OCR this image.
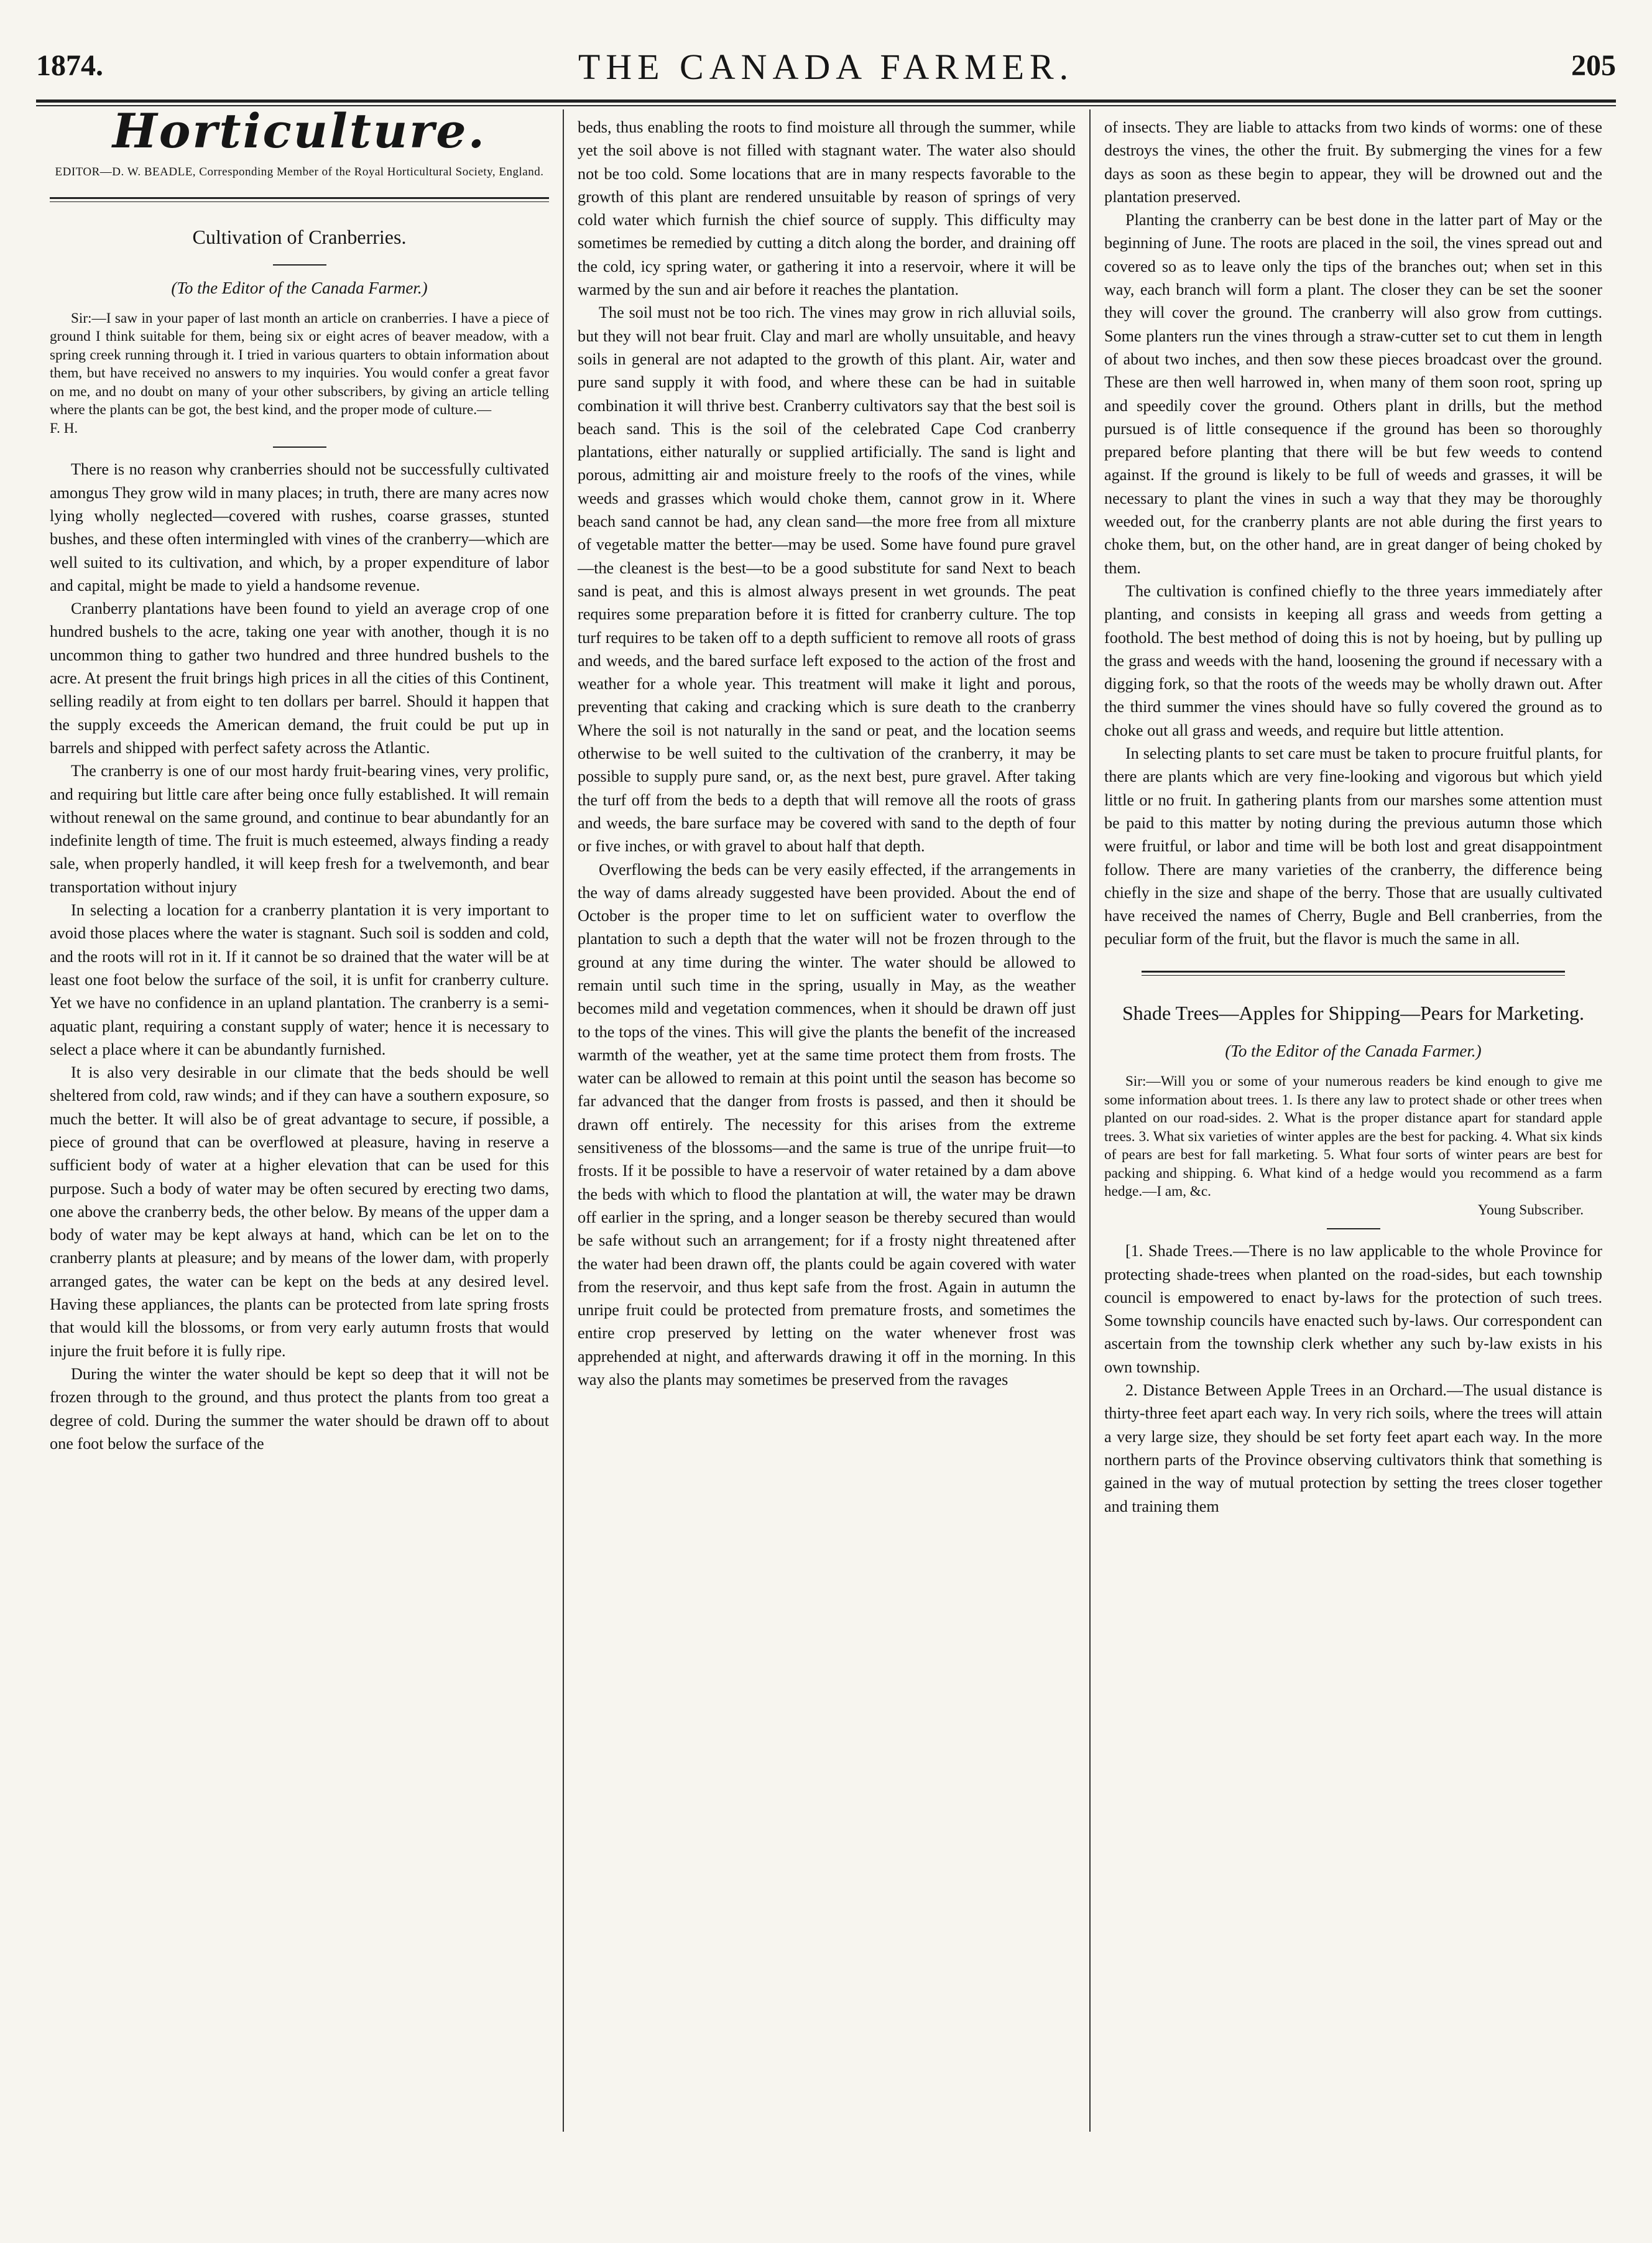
1874.	THE CANADA FARMER.	205
Horticulture.
EDITOR—D. W. BEADLE, Corresponding Member of the Royal Horticultural Society, England.
Cultivation of Cranberries.
(To the Editor of the Canada Farmer.)

Sir:—I saw in your paper of last month an article on cranberries. I have a piece of ground I think suitable for them, being six or eight acres of beaver meadow, with a spring creek running through it. I tried in various quarters to obtain information about them, but have received no answers to my inquiries. You would confer a great favor on me, and no doubt on many of your other subscribers, by giving an article telling where the plants can be got, the best kind, and the proper mode of culture.—

F. H.

There is no reason why cranberries should not be successfully cultivated amongus They grow wild in many places; in truth, there are many acres now lying wholly neglected—covered with rushes, coarse grasses, stunted bushes, and these often intermingled with vines of the cranberry—which are well suited to its cultivation, and which, by a proper expenditure of labor and capital, might be made to yield a handsome revenue.

Cranberry plantations have been found to yield an average crop of one hundred bushels to the acre, taking one year with another, though it is no uncommon thing to gather two hundred and three hundred bushels to the acre. At present the fruit brings high prices in all the cities of this Continent, selling readily at from eight to ten dollars per barrel. Should it happen that the supply exceeds the American demand, the fruit could be put up in barrels and shipped with perfect safety across the Atlantic.

The cranberry is one of our most hardy fruit-bearing vines, very prolific, and requiring but little care after being once fully established. It will remain without renewal on the same ground, and continue to bear abundantly for an indefinite length of time. The fruit is much esteemed, always finding a ready sale, when properly handled, it will keep fresh for a twelvemonth, and bear transportation without injury

In selecting a location for a cranberry plantation it is very important to avoid those places where the water is stagnant. Such soil is sodden and cold, and the roots will rot in it. If it cannot be so drained that the water will be at least one foot below the surface of the soil, it is unfit for cranberry culture. Yet we have no confidence in an upland plantation. The cranberry is a semi-aquatic plant, requiring a constant supply of water; hence it is necessary to select a place where it can be abundantly furnished.

It is also very desirable in our climate that the beds should be well sheltered from cold, raw winds; and if they can have a southern exposure, so much the better. It will also be of great advantage to secure, if possible, a piece of ground that can be overflowed at pleasure, having in reserve a sufficient body of water at a higher elevation that can be used for this purpose. Such a body of water may be often secured by erecting two dams, one above the cranberry beds, the other below. By means of the upper dam a body of water may be kept always at hand, which can be let on to the cranberry plants at pleasure; and by means of the lower dam, with properly arranged gates, the water can be kept on the beds at any desired level. Having these appliances, the plants can be protected from late spring frosts that would kill the blossoms, or from very early autumn frosts that would injure the fruit before it is fully ripe.

During the winter the water should be kept so deep that it will not be frozen through to the ground, and thus protect the plants from too great a degree of cold. During the summer the water should be drawn off to about one foot below the surface of the

beds, thus enabling the roots to find moisture all through the summer, while yet the soil above is not filled with stagnant water. The water also should not be too cold. Some locations that are in many respects favorable to the growth of this plant are rendered unsuitable by reason of springs of very cold water which furnish the chief source of supply. This difficulty may sometimes be remedied by cutting a ditch along the border, and draining off the cold, icy spring water, or gathering it into a reservoir, where it will be warmed by the sun and air before it reaches the plantation.

The soil must not be too rich. The vines may grow in rich alluvial soils, but they will not bear fruit. Clay and marl are wholly unsuitable, and heavy soils in general are not adapted to the growth of this plant. Air, water and pure sand supply it with food, and where these can be had in suitable combination it will thrive best. Cranberry cultivators say that the best soil is beach sand. This is the soil of the celebrated Cape Cod cranberry plantations, either naturally or supplied artificially. The sand is light and porous, admitting air and moisture freely to the roofs of the vines, while weeds and grasses which would choke them, cannot grow in it. Where beach sand cannot be had, any clean sand—the more free from all mixture of vegetable matter the better—may be used. Some have found pure gravel—the cleanest is the best—to be a good substitute for sand Next to beach sand is peat, and this is almost always present in wet grounds. The peat requires some preparation before it is fitted for cranberry culture. The top turf requires to be taken off to a depth sufficient to remove all roots of grass and weeds, and the bared surface left exposed to the action of the frost and weather for a whole year. This treatment will make it light and porous, preventing that caking and cracking which is sure death to the cranberry Where the soil is not naturally in the sand or peat, and the location seems otherwise to be well suited to the cultivation of the cranberry, it may be possible to supply pure sand, or, as the next best, pure gravel. After taking the turf off from the beds to a depth that will remove all the roots of grass and weeds, the bare surface may be covered with sand to the depth of four or five inches, or with gravel to about half that depth.

Overflowing the beds can be very easily effected, if the arrangements in the way of dams already suggested have been provided. About the end of October is the proper time to let on sufficient water to overflow the plantation to such a depth that the water will not be frozen through to the ground at any time during the winter. The water should be allowed to remain until such time in the spring, usually in May, as the weather becomes mild and vegetation commences, when it should be drawn off just to the tops of the vines. This will give the plants the benefit of the increased warmth of the weather, yet at the same time protect them from frosts. The water can be allowed to remain at this point until the season has become so far advanced that the danger from frosts is passed, and then it should be drawn off entirely. The necessity for this arises from the extreme sensitiveness of the blossoms—and the same is true of the unripe fruit—to frosts. If it be possible to have a reservoir of water retained by a dam above the beds with which to flood the plantation at will, the water may be drawn off earlier in the spring, and a longer season be thereby secured than would be safe without such an arrangement; for if a frosty night threatened after the water had been drawn off, the plants could be again covered with water from the reservoir, and thus kept safe from the frost. Again in autumn the unripe fruit could be protected from premature frosts, and sometimes the entire crop preserved by letting on the water whenever frost was apprehended at night, and afterwards drawing it off in the morning. In this way also the plants may sometimes be preserved from the ravages

of insects. They are liable to attacks from two kinds of worms: one of these destroys the vines, the other the fruit. By submerging the vines for a few days as soon as these begin to appear, they will be drowned out and the plantation preserved.

Planting the cranberry can be best done in the latter part of May or the beginning of June. The roots are placed in the soil, the vines spread out and covered so as to leave only the tips of the branches out; when set in this way, each branch will form a plant. The closer they can be set the sooner they will cover the ground. The cranberry will also grow from cuttings. Some planters run the vines through a straw-cutter set to cut them in length of about two inches, and then sow these pieces broadcast over the ground. These are then well harrowed in, when many of them soon root, spring up and speedily cover the ground. Others plant in drills, but the method pursued is of little consequence if the ground has been so thoroughly prepared before planting that there will be but few weeds to contend against. If the ground is likely to be full of weeds and grasses, it will be necessary to plant the vines in such a way that they may be thoroughly weeded out, for the cranberry plants are not able during the first years to choke them, but, on the other hand, are in great danger of being choked by them.

The cultivation is confined chiefly to the three years immediately after planting, and consists in keeping all grass and weeds from getting a foothold. The best method of doing this is not by hoeing, but by pulling up the grass and weeds with the hand, loosening the ground if necessary with a digging fork, so that the roots of the weeds may be wholly drawn out. After the third summer the vines should have so fully covered the ground as to choke out all grass and weeds, and require but little attention.

In selecting plants to set care must be taken to procure fruitful plants, for there are plants which are very fine-looking and vigorous but which yield little or no fruit. In gathering plants from our marshes some attention must be paid to this matter by noting during the previous autumn those which were fruitful, or labor and time will be both lost and great disappointment follow. There are many varieties of the cranberry, the difference being chiefly in the size and shape of the berry. Those that are usually cultivated have received the names of Cherry, Bugle and Bell cranberries, from the peculiar form of the fruit, but the flavor is much the same in all.

Shade Trees—Apples for Shipping—Pears for Marketing.
(To the Editor of the Canada Farmer.)

Sir:—Will you or some of your numerous readers be kind enough to give me some information about trees. 1. Is there any law to protect shade or other trees when planted on our road-sides. 2. What is the proper distance apart for standard apple trees. 3. What six varieties of winter apples are the best for packing. 4. What six kinds of pears are best for fall marketing. 5. What four sorts of winter pears are best for packing and shipping. 6. What kind of a hedge would you recommend as a farm hedge.—I am, &c.

Young Subscriber.

[1. Shade Trees.—There is no law applicable to the whole Province for protecting shade-trees when planted on the road-sides, but each township council is empowered to enact by-laws for the protection of such trees. Some township councils have enacted such by-laws. Our correspondent can ascertain from the township clerk whether any such by-law exists in his own township.

2. Distance Between Apple Trees in an Orchard.—The usual distance is thirty-three feet apart each way. In very rich soils, where the trees will attain a very large size, they should be set forty feet apart each way. In the more northern parts of the Province observing cultivators think that something is gained in the way of mutual protection by setting the trees closer together and training them
